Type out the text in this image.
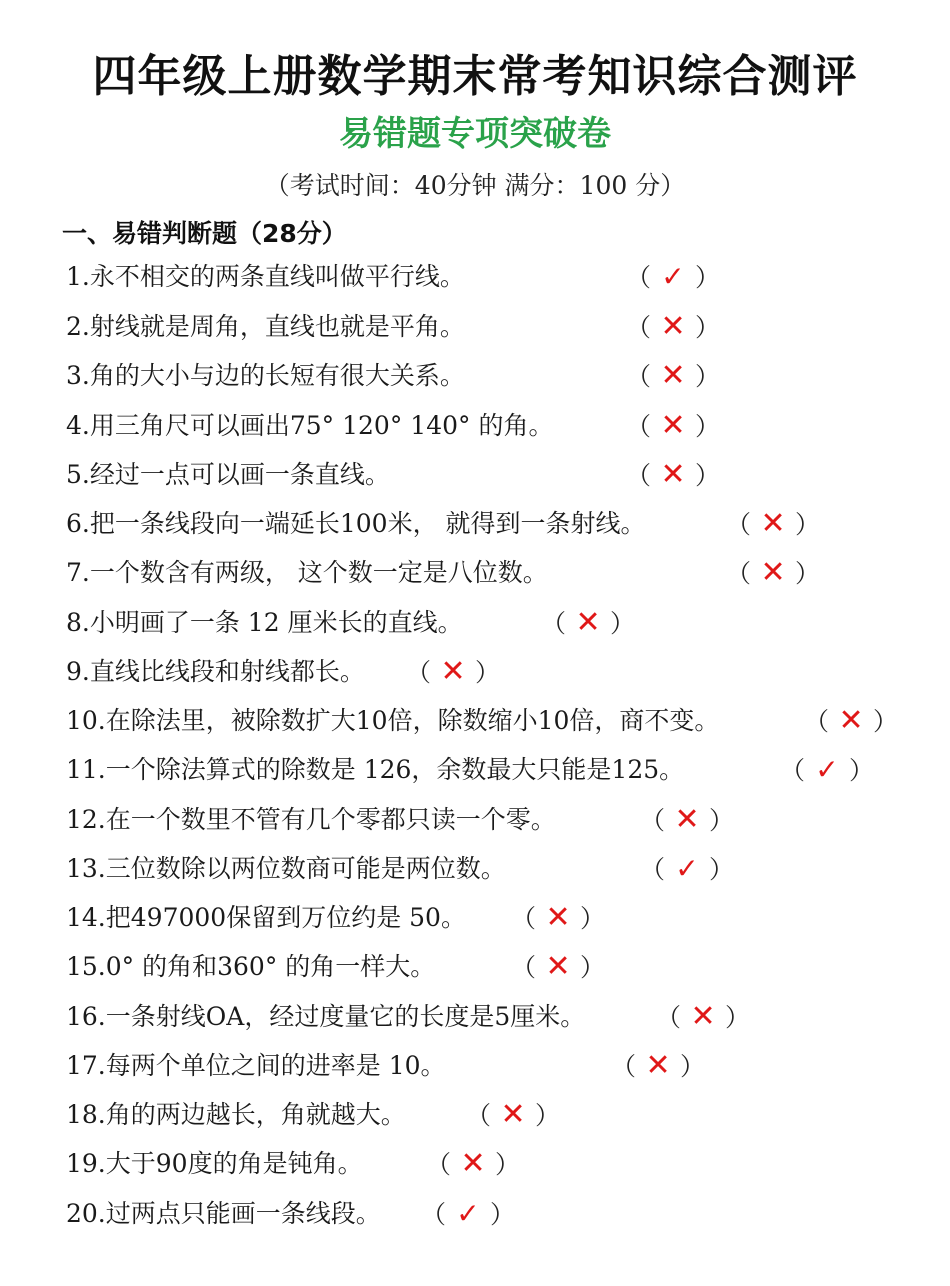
四年级上册数学期末常考知识综合测评
易错题专项突破卷
（考试时间：40分钟 满分：100 分）
一、易错判断题（28分）
1.永不相交的两条直线叫做平行线。	（ ✓ ）
2.射线就是周角，直线也就是平角。	（ ✕ ）
3.角的大小与边的长短有很大关系。	（ ✕ ）
4.用三角尺可以画出75° 120° 140° 的角。	（ ✕ ）
5.经过一点可以画一条直线。	（ ✕ ）
6.把一条线段向一端延长100米， 就得到一条射线。	（ ✕ ）
7.一个数含有两级， 这个数一定是八位数。	（ ✕ ）
8.小明画了一条 12 厘米长的直线。	（ ✕ ）
9.直线比线段和射线都长。 （ ✕ ）
10.在除法里，被除数扩大10倍，除数缩小10倍，商不变。	（ ✕ ）
11.一个除法算式的除数是 126，余数最大只能是125。	（ ✓ ）
12.在一个数里不管有几个零都只读一个零。	（ ✕ ）
13.三位数除以两位数商可能是两位数。	（ ✓ ）
14.把497000保留到万位约是 50。 （ ✕ ）
15.0° 的角和360° 的角一样大。	（ ✕ ）
16.一条射线OA，经过度量它的长度是5厘米。	（ ✕ ）
17.每两个单位之间的进率是 10。	（ ✕ ）
18.角的两边越长，角就越大。 （ ✕ ）
19.大于90度的角是钝角。	（ ✕ ）
20.过两点只能画一条线段。 （ ✓ ）
